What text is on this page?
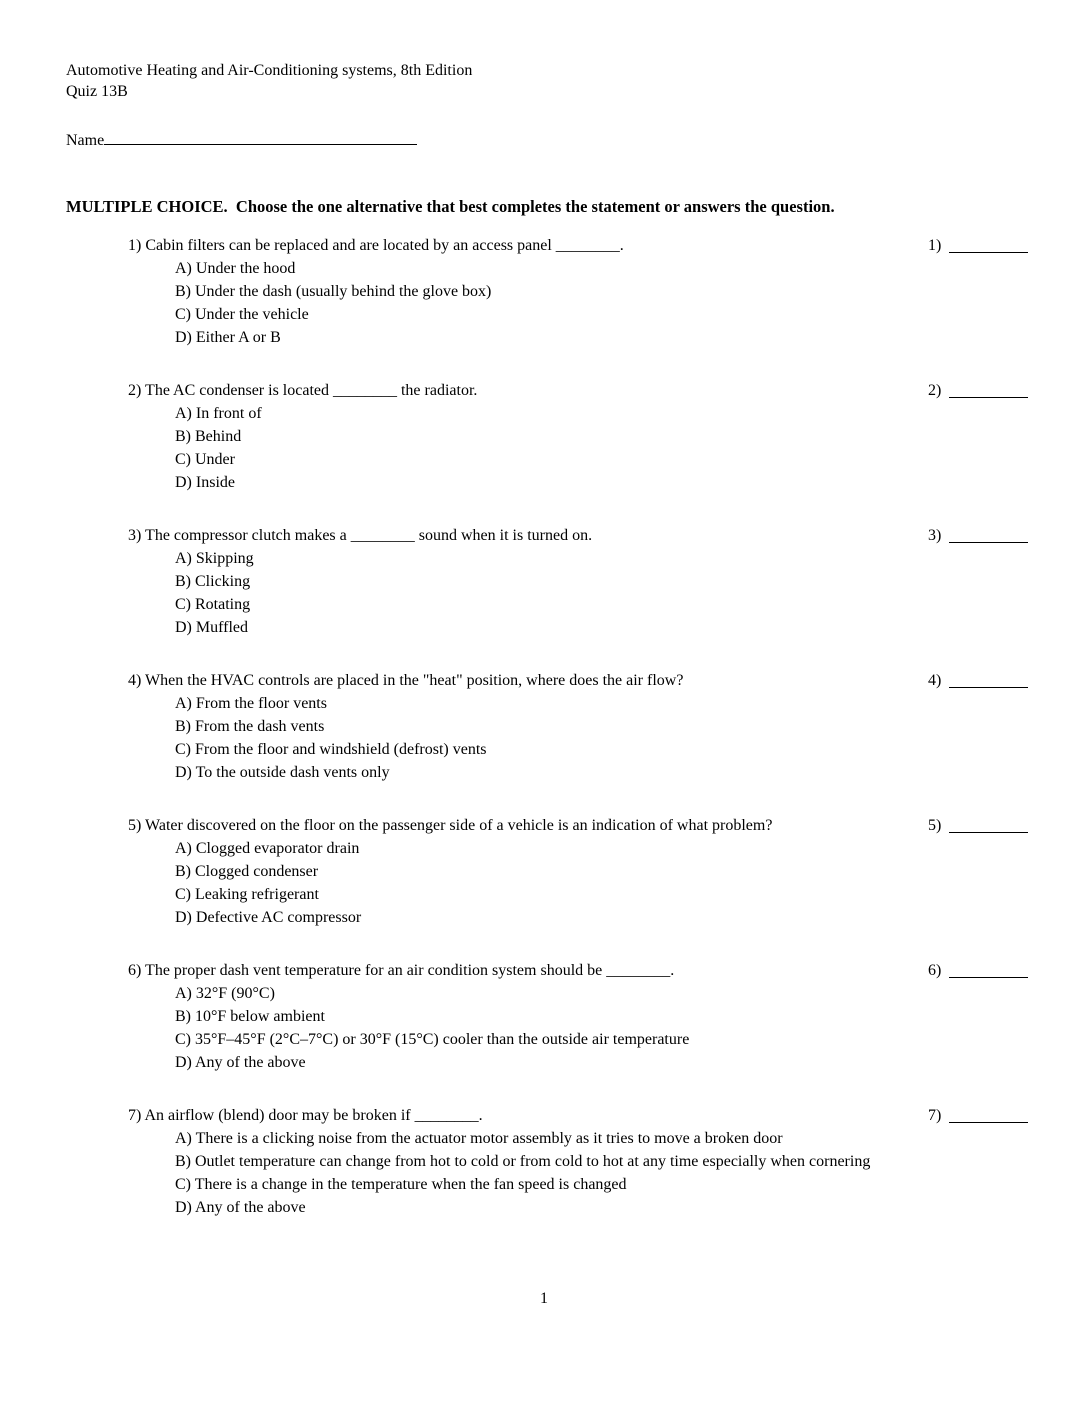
Automotive Heating and Air-Conditioning systems, 8th Edition
Quiz 13B
Name
MULTIPLE CHOICE.  Choose the one alternative that best completes the statement or answers the question.
1) Cabin filters can be replaced and are located by an access panel ________.
A) Under the hood
B) Under the dash (usually behind the glove box)
C) Under the vehicle
D) Either A or B
1)
2) The AC condenser is located ________ the radiator.
A) In front of
B) Behind
C) Under
D) Inside
2)
3) The compressor clutch makes a ________ sound when it is turned on.
A) Skipping
B) Clicking
C) Rotating
D) Muffled
3)
4) When the HVAC controls are placed in the "heat" position, where does the air flow?
A) From the floor vents
B) From the dash vents
C) From the floor and windshield (defrost) vents
D) To the outside dash vents only
4)
5) Water discovered on the floor on the passenger side of a vehicle is an indication of what problem?
A) Clogged evaporator drain
B) Clogged condenser
C) Leaking refrigerant
D) Defective AC compressor
5)
6) The proper dash vent temperature for an air condition system should be ________.
A) 32°F (90°C)
B) 10°F below ambient
C) 35°F–45°F (2°C–7°C) or 30°F (15°C) cooler than the outside air temperature
D) Any of the above
6)
7) An airflow (blend) door may be broken if ________.
A) There is a clicking noise from the actuator motor assembly as it tries to move a broken door
B) Outlet temperature can change from hot to cold or from cold to hot at any time especially when cornering
C) There is a change in the temperature when the fan speed is changed
D) Any of the above
7)
1
